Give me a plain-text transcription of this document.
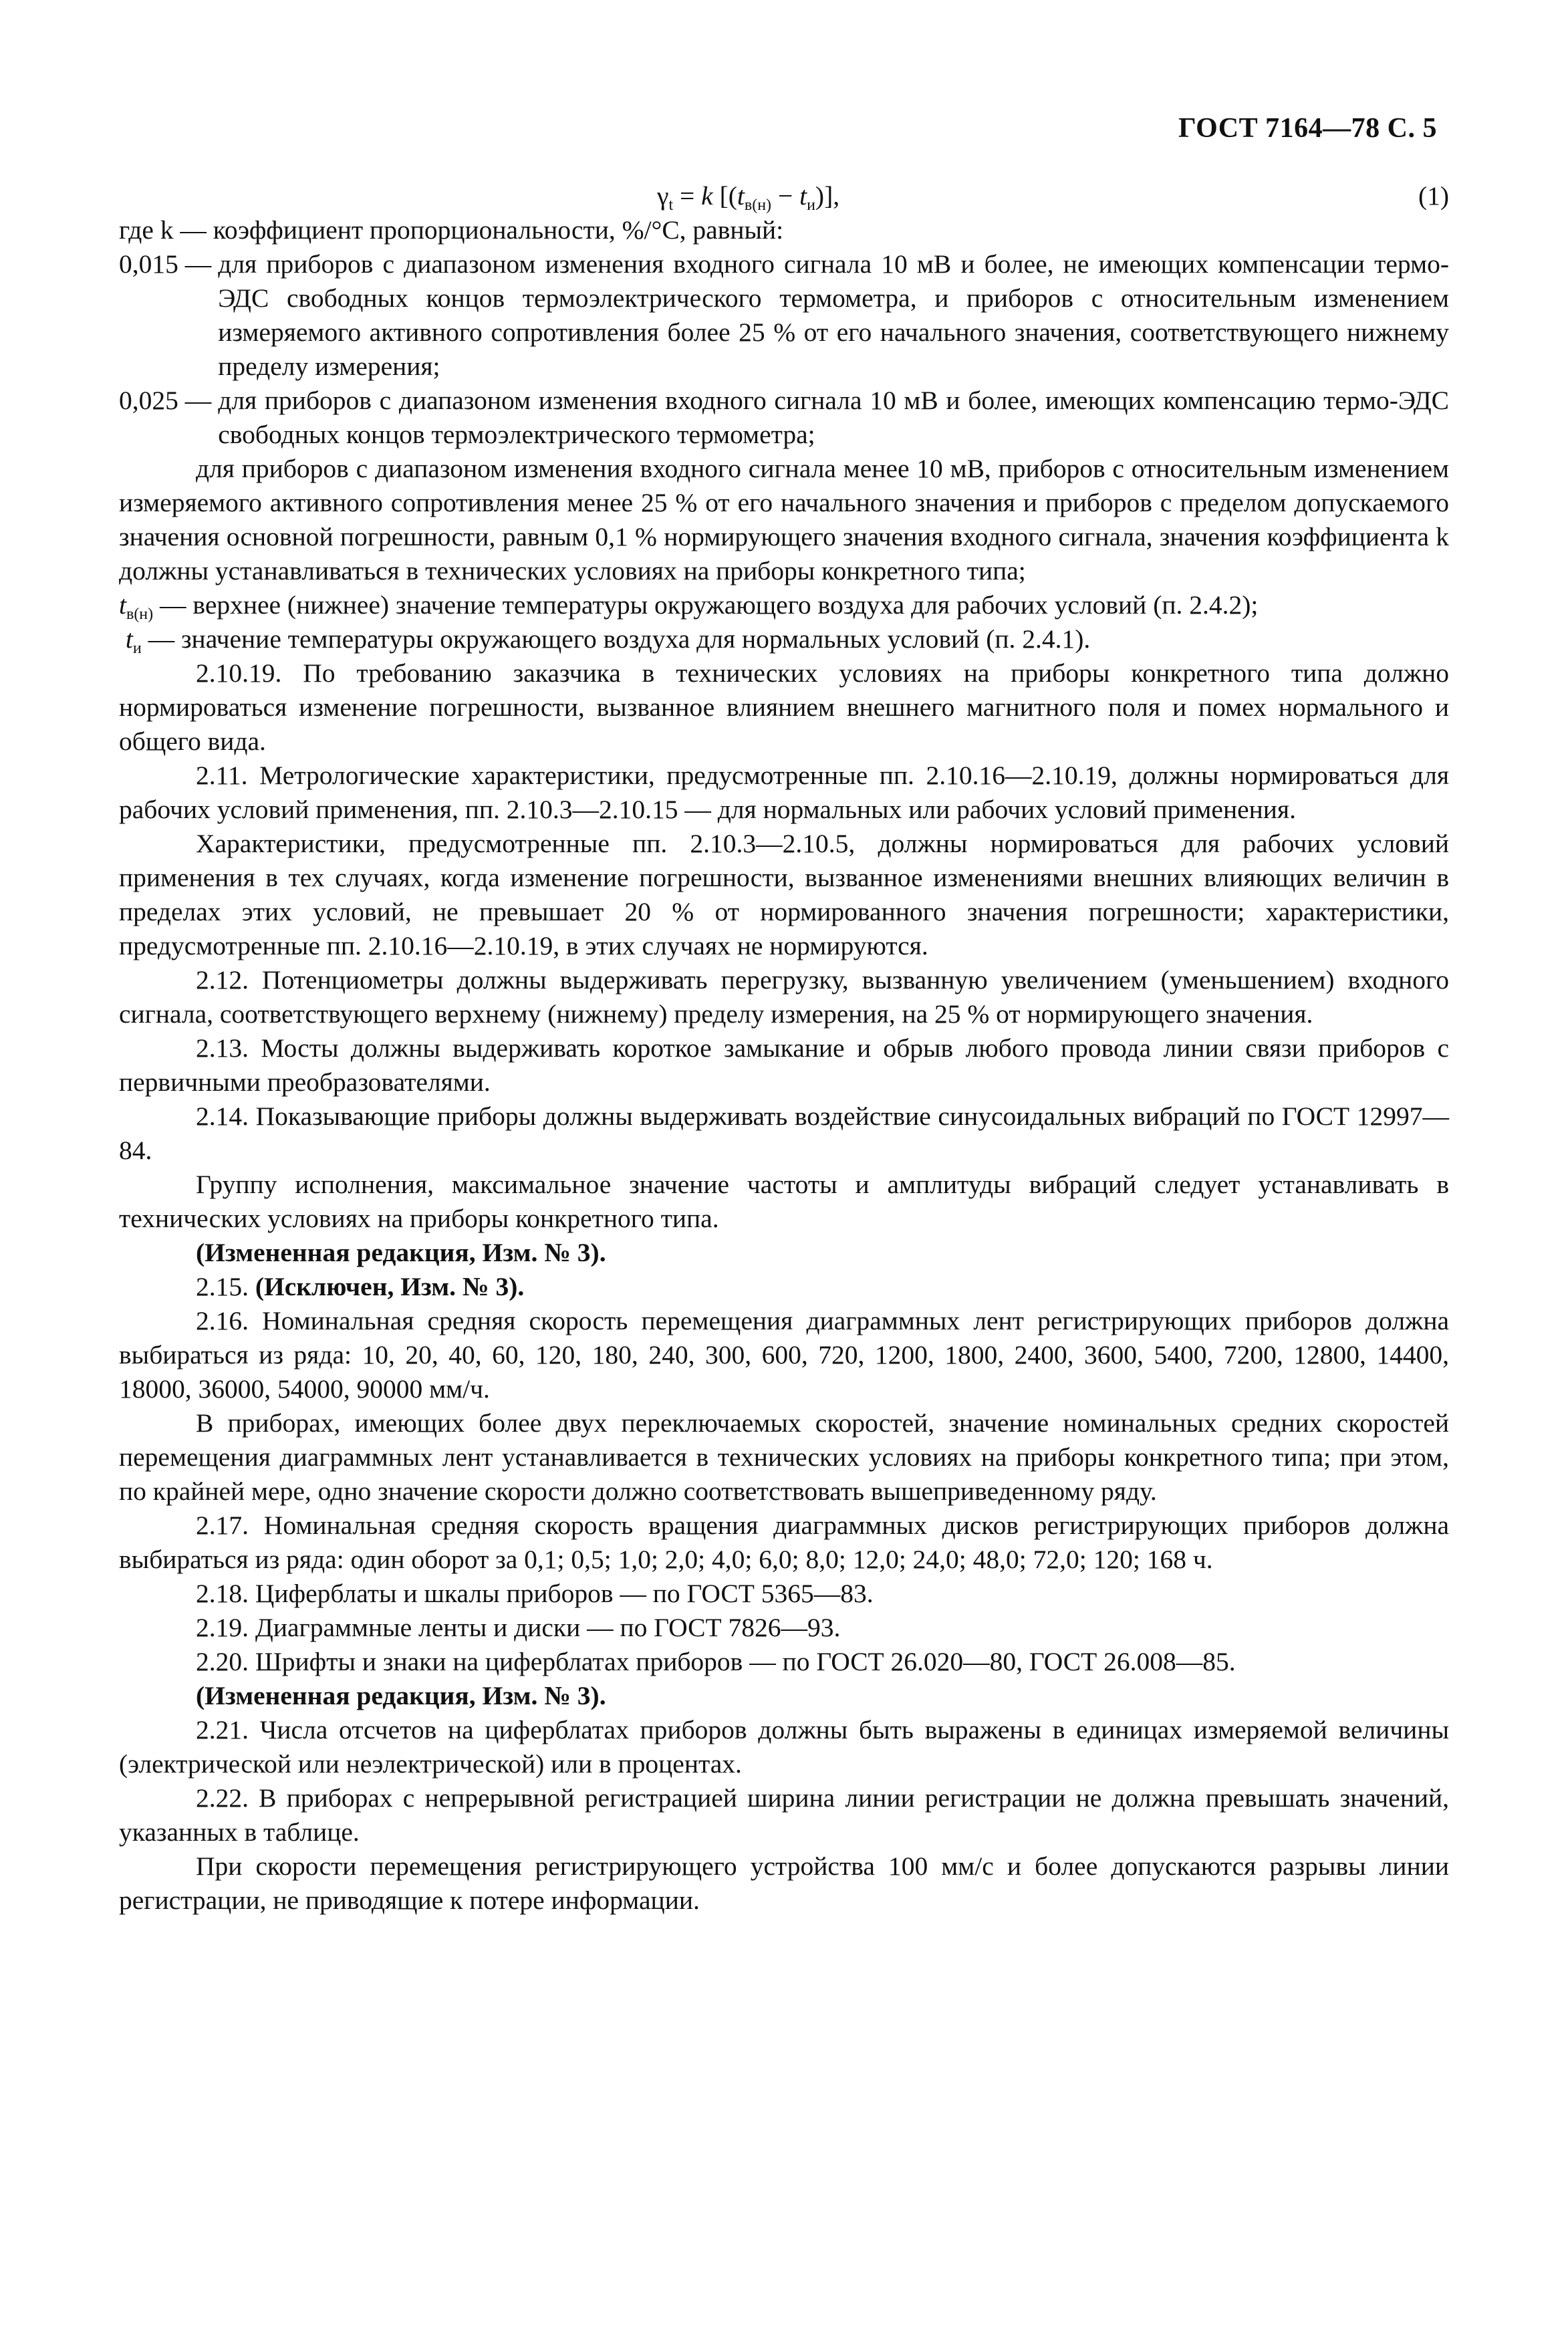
ГОСТ 7164—78 С. 5
$\gamma_t = k$ $[(t_{в(н)} - t_и)]$,	(1)

где k — коэффициент пропорциональности, %/°C, равный:

0,015 — для приборов с диапазоном изменения входного сигнала 10 мВ и более, не имеющих компенсации термо-ЭДС свободных концов термоэлектрического термометра, и приборов с относительным изменением измеряемого активного сопротивления более 25 % от его начального значения, соответствующего нижнему пределу измерения;
0,025 — для приборов с диапазоном изменения входного сигнала 10 мВ и более, имеющих компенсацию термо-ЭДС свободных концов термоэлектрического термометра;

для приборов с диапазоном изменения входного сигнала менее 10 мВ, приборов с относительным изменением измеряемого активного сопротивления менее 25 % от его начального значения и приборов с пределом допускаемого значения основной погрешности, равным 0,1 % нормирующего значения входного сигнала, значения коэффициента k должны устанавливаться в технических условиях на приборы конкретного типа;

$t_{в(н)}$ — верхнее (нижнее) значение температуры окружающего воздуха для рабочих условий (п. 2.4.2);
$t_и$ — значение температуры окружающего воздуха для нормальных условий (п. 2.4.1).

2.10.19. По требованию заказчика в технических условиях на приборы конкретного типа должно нормироваться изменение погрешности, вызванное влиянием внешнего магнитного поля и помех нормального и общего вида.

2.11. Метрологические характеристики, предусмотренные пп. 2.10.16—2.10.19, должны нормироваться для рабочих условий применения, пп. 2.10.3—2.10.15 — для нормальных или рабочих условий применения.

Характеристики, предусмотренные пп. 2.10.3—2.10.5, должны нормироваться для рабочих условий применения в тех случаях, когда изменение погрешности, вызванное изменениями внешних влияющих величин в пределах этих условий, не превышает 20 % от нормированного значения погрешности; характеристики, предусмотренные пп. 2.10.16—2.10.19, в этих случаях не нормируются.

2.12. Потенциометры должны выдерживать перегрузку, вызванную увеличением (уменьшением) входного сигнала, соответствующего верхнему (нижнему) пределу измерения, на 25 % от нормирующего значения.

2.13. Мосты должны выдерживать короткое замыкание и обрыв любого провода линии связи приборов с первичными преобразователями.

2.14. Показывающие приборы должны выдерживать воздействие синусоидальных вибраций по ГОСТ 12997—84.

Группу исполнения, максимальное значение частоты и амплитуды вибраций следует устанавливать в технических условиях на приборы конкретного типа.

(Измененная редакция, Изм. № 3).

2.15. (Исключен, Изм. № 3).

2.16. Номинальная средняя скорость перемещения диаграммных лент регистрирующих приборов должна выбираться из ряда: 10, 20, 40, 60, 120, 180, 240, 300, 600, 720, 1200, 1800, 2400, 3600, 5400, 7200, 12800, 14400, 18000, 36000, 54000, 90000 мм/ч.

В приборах, имеющих более двух переключаемых скоростей, значение номинальных средних скоростей перемещения диаграммных лент устанавливается в технических условиях на приборы конкретного типа; при этом, по крайней мере, одно значение скорости должно соответствовать вышеприведенному ряду.

2.17. Номинальная средняя скорость вращения диаграммных дисков регистрирующих приборов должна выбираться из ряда: один оборот за 0,1; 0,5; 1,0; 2,0; 4,0; 6,0; 8,0; 12,0; 24,0; 48,0; 72,0; 120; 168 ч.

2.18. Циферблаты и шкалы приборов — по ГОСТ 5365—83.

2.19. Диаграммные ленты и диски — по ГОСТ 7826—93.

2.20. Шрифты и знаки на циферблатах приборов — по ГОСТ 26.020—80, ГОСТ 26.008—85.

(Измененная редакция, Изм. № 3).

2.21. Числа отсчетов на циферблатах приборов должны быть выражены в единицах измеряемой величины (электрической или неэлектрической) или в процентах.

2.22. В приборах с непрерывной регистрацией ширина линии регистрации не должна превышать значений, указанных в таблице.

При скорости перемещения регистрирующего устройства 100 мм/с и более допускаются разрывы линии регистрации, не приводящие к потере информации.
